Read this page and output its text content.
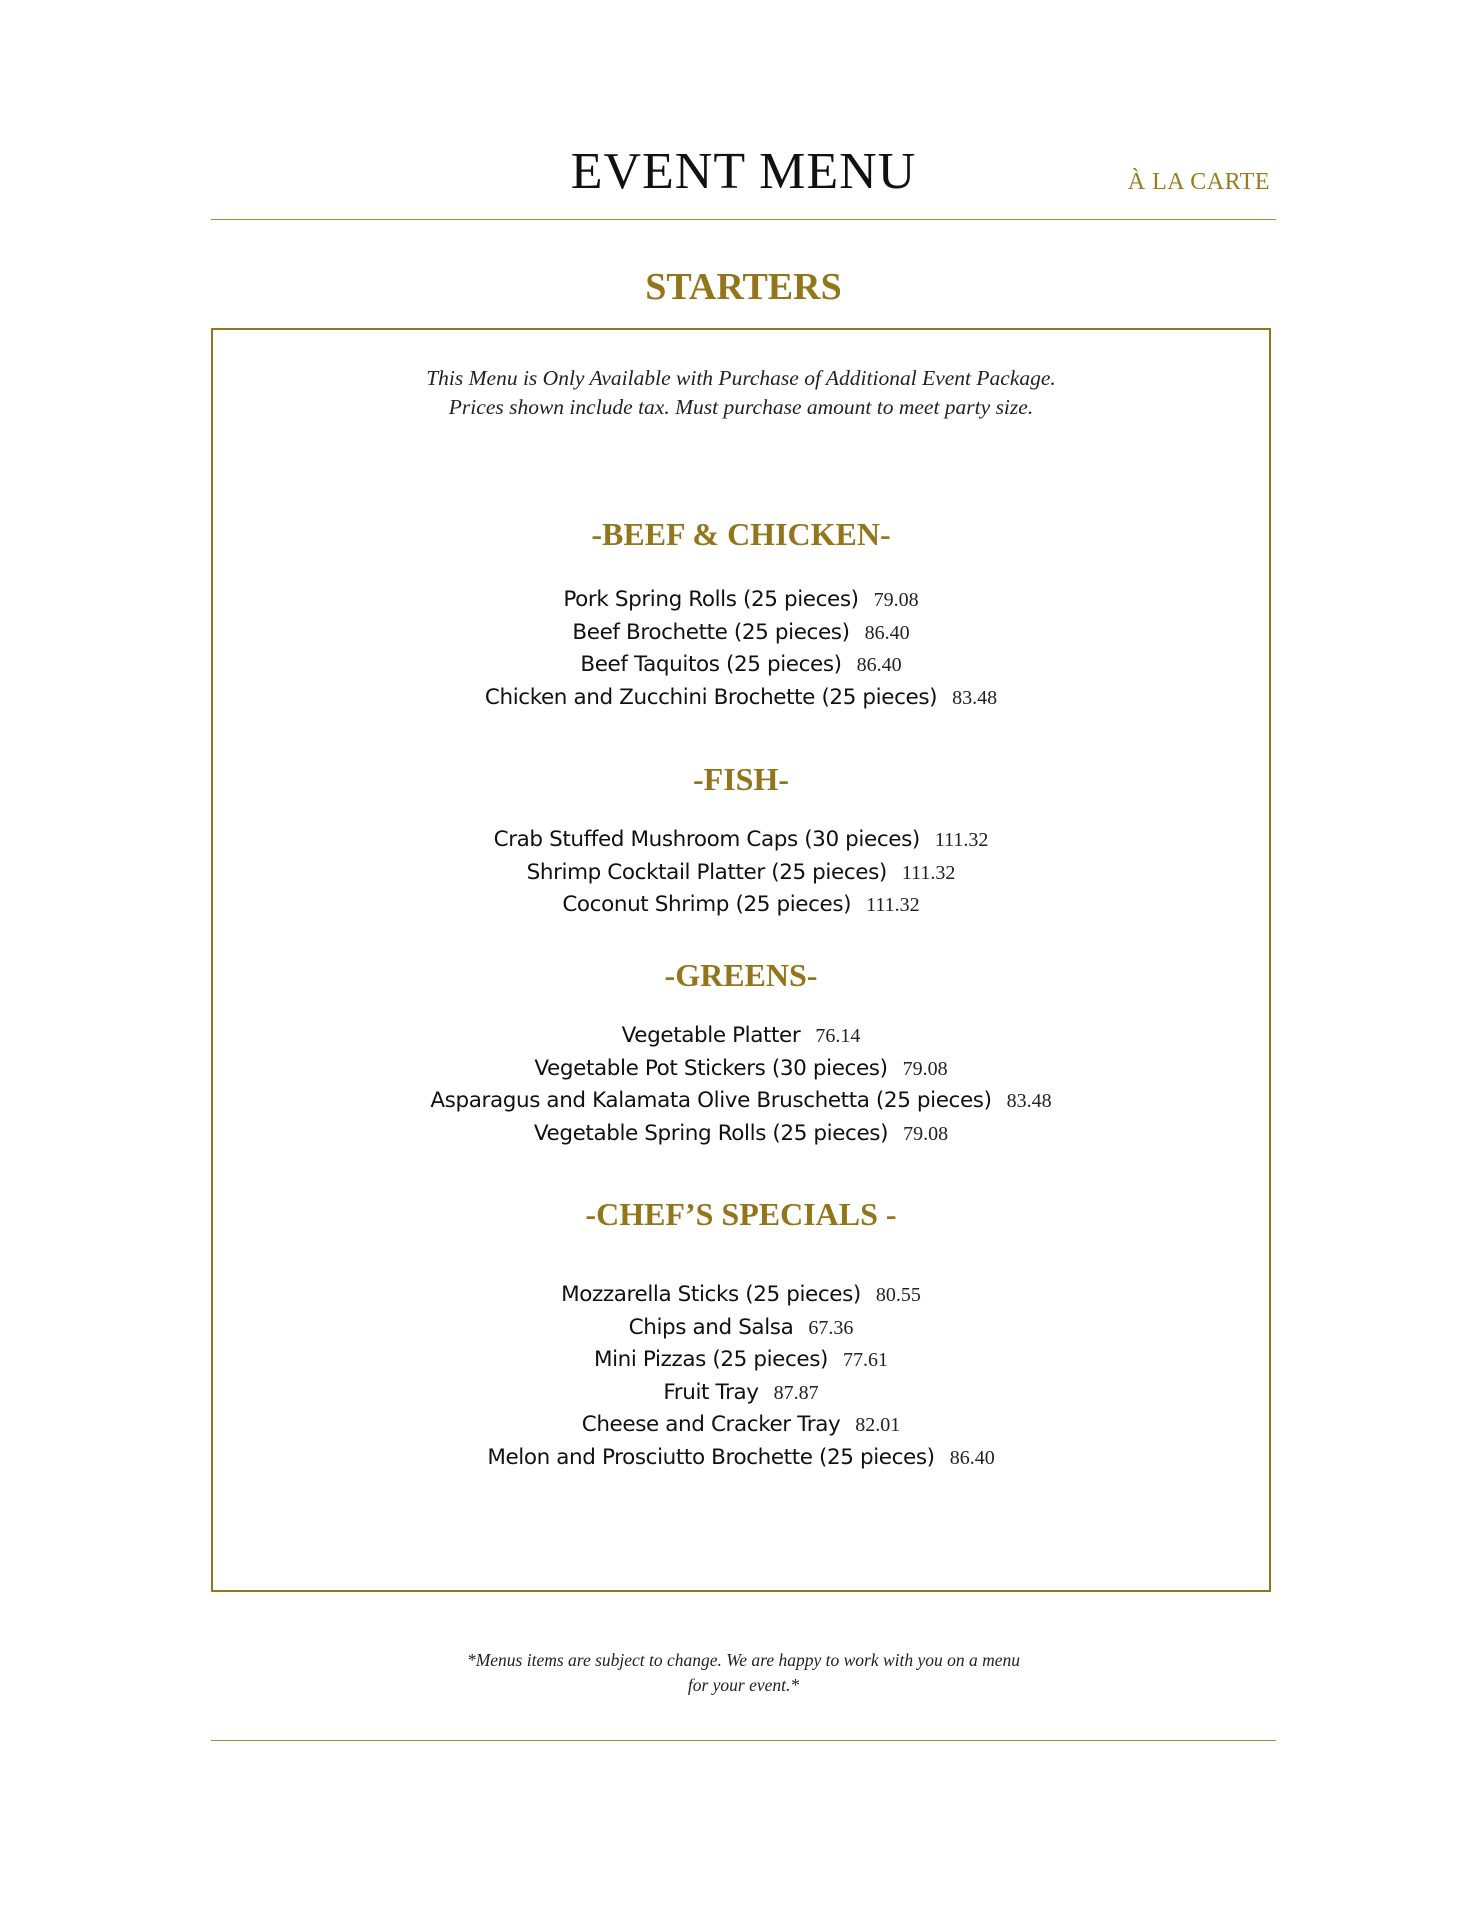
EVENT MENU	À LA CARTE
STARTERS
This Menu is Only Available with Purchase of Additional Event Package.
Prices shown include tax. Must purchase amount to meet party size.
-BEEF & CHICKEN-
Pork Spring Rolls (25 pieces) 79.08
Beef Brochette (25 pieces) 86.40
Beef Taquitos (25 pieces) 86.40
Chicken and Zucchini Brochette (25 pieces) 83.48
-FISH-
Crab Stuffed Mushroom Caps (30 pieces) 111.32
Shrimp Cocktail Platter (25 pieces) 111.32
Coconut Shrimp (25 pieces) 111.32
-GREENS-
Vegetable Platter 76.14
Vegetable Pot Stickers (30 pieces) 79.08
Asparagus and Kalamata Olive Bruschetta (25 pieces) 83.48
Vegetable Spring Rolls (25 pieces) 79.08
-CHEF’S SPECIALS -
Mozzarella Sticks (25 pieces) 80.55
Chips and Salsa 67.36
Mini Pizzas (25 pieces) 77.61
Fruit Tray 87.87
Cheese and Cracker Tray 82.01
Melon and Prosciutto Brochette (25 pieces) 86.40
*Menus items are subject to change. We are happy to work with you on a menu
for your event.*
